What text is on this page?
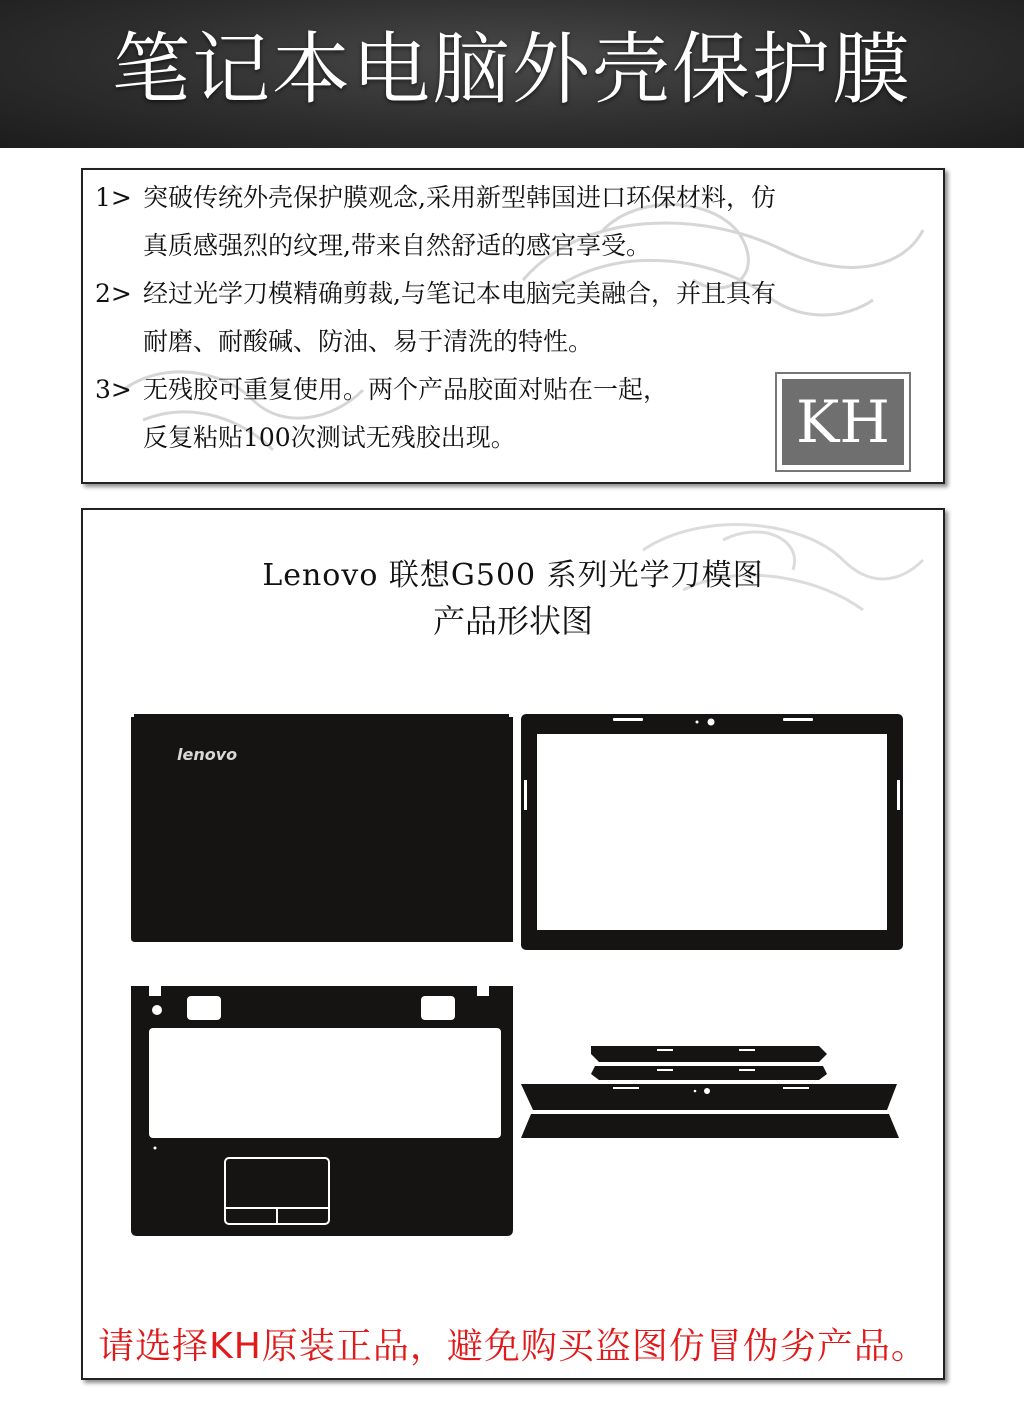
笔记本电脑外壳保护膜
1> 突破传统外壳保护膜观念,采用新型韩国进口环保材料，仿
真质感强烈的纹理,带来自然舒适的感官享受。
2> 经过光学刀模精确剪裁,与笔记本电脑完美融合，并且具有
耐磨、耐酸碱、防油、易于清洗的特性。
3> 无残胶可重复使用。两个产品胶面对贴在一起，
反复粘贴100次测试无残胶出现。	KH
Lenovo 联想G500 系列光学刀模图
产品形状图
lenovo
请选择KH原装正品，避免购买盗图仿冒伪劣产品。
